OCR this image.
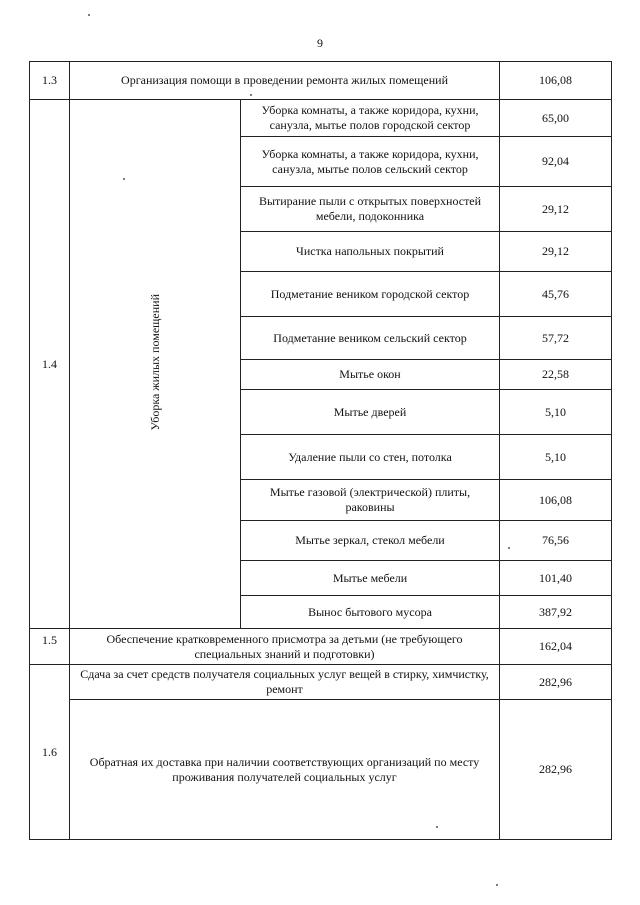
9
1.3	Организация помощи в проведении ремонта жилых помещений		106,08
1.4	Уборка жилых помещений	Уборка комнаты, а также коридора, кухни, санузла, мытье полов городской сектор	65,00
		Уборка комнаты, а также коридора, кухни, санузла, мытье полов сельский сектор	92,04
		Вытирание пыли с открытых поверхностей мебели, подоконника	29,12
		Чистка напольных покрытий	29,12
		Подметание веником городской сектор	45,76
		Подметание веником сельский сектор	57,72
		Мытье окон	22,58
		Мытье дверей	5,10
		Удаление пыли со стен, потолка	5,10
		Мытье газовой (электрической) плиты, раковины	106,08
		Мытье зеркал, стекол мебели	76,56
		Мытье мебели	101,40
		Вынос бытового мусора	387,92
1.5	Обеспечение кратковременного присмотра за детьми (не требующего специальных знаний и подготовки)		162,04
1.6	Сдача за счет средств получателя социальных услуг вещей в стирку, химчистку, ремонт		282,96
	Обратная их доставка при наличии соответствующих организаций по месту проживания получателей социальных услуг		282,96
